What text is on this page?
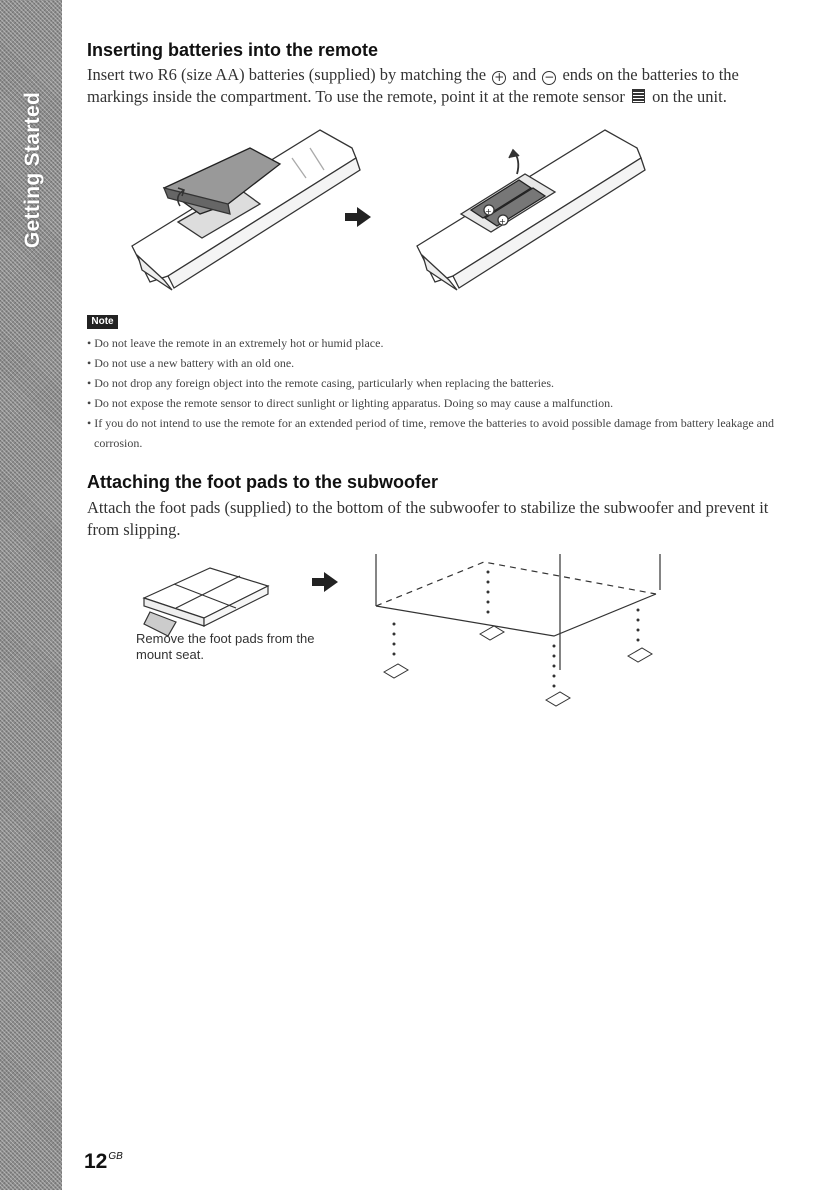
Getting Started
Inserting batteries into the remote

Insert two R6 (size AA) batteries (supplied) by matching the + and − ends on the batteries to the
markings inside the compartment. To use the remote, point it at the remote sensor on the unit.

+
+
Note
• Do not leave the remote in an extremely hot or humid place.
• Do not use a new battery with an old one.
• Do not drop any foreign object into the remote casing, particularly when replacing the batteries.
• Do not expose the remote sensor to direct sunlight or lighting apparatus. Doing so may cause a malfunction.
• If you do not intend to use the remote for an extended period of time, remove the batteries to avoid possible damage from battery leakage and corrosion.
Attaching the foot pads to the subwoofer

Attach the foot pads (supplied) to the bottom of the subwoofer to stabilize the subwoofer and prevent it from slipping.

Remove the foot pads from the mount seat.

$12^{GB}$
